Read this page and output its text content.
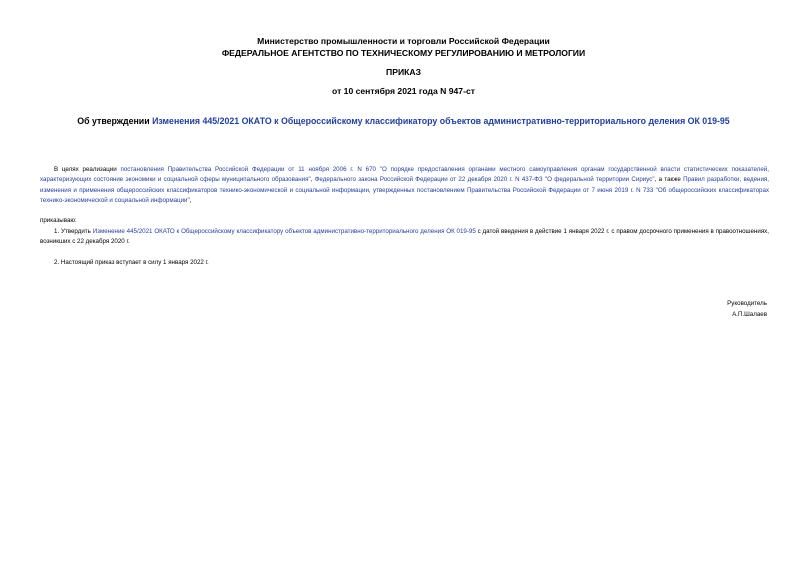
Министерство промышленности и торговли Российской Федерации
ФЕДЕРАЛЬНОЕ АГЕНТСТВО ПО ТЕХНИЧЕСКОМУ РЕГУЛИРОВАНИЮ И МЕТРОЛОГИИ
ПРИКАЗ
от 10 сентября 2021 года N 947-ст
Об утверждении Изменения 445/2021 ОКАТО к Общероссийскому классификатору объектов административно-территориального деления ОК 019-95
В целях реализации постановления Правительства Российской Федерации от 11 ноября 2006 г. N 670 "О порядке предоставления органами местного самоуправления органам государственной власти статистических показателей, характеризующих состояние экономики и социальной сферы муниципального образования", Федерального закона Российской Федерации от 22 декабря 2020 г. N 437-ФЗ "О федеральной территории Сириус", а также Правил разработки, ведения, изменения и применения общероссийских классификаторов технико-экономической и социальной информации, утвержденных постановлением Правительства Российской Федерации от 7 июня 2019 г. N 733 "Об общероссийских классификаторах технико-экономической и социальной информации",
приказываю:
1. Утвердить Изменение 445/2021 ОКАТО к Общероссийскому классификатору объектов административно-территориального деления ОК 019-95 с датой введения в действие 1 января 2022 г. с правом досрочного применения в правоотношениях, возникших с 22 декабря 2020 г.
2. Настоящий приказ вступает в силу 1 января 2022 г.
Руководитель
А.П.Шалаев
